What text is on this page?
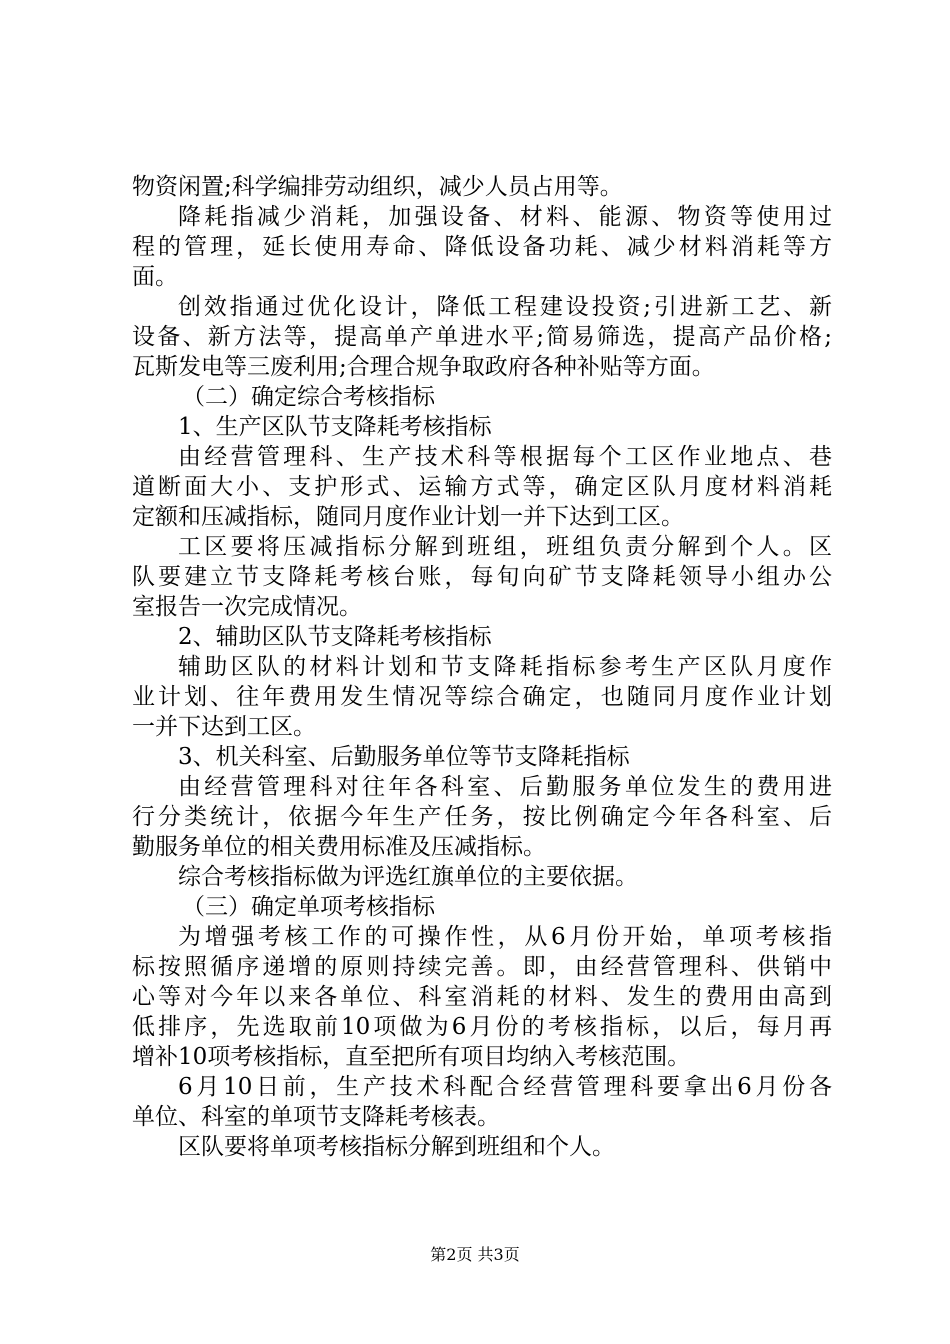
物资闲置;科学编排劳动组织，减少人员占用等。
降耗指减少消耗，加强设备、材料、能源、物资等使用过
程的管理，延长使用寿命、降低设备功耗、减少材料消耗等方
面。
创效指通过优化设计，降低工程建设投资;引进新工艺、新
设备、新方法等，提高单产单进水平;简易筛选，提高产品价格;
瓦斯发电等三废利用;合理合规争取政府各种补贴等方面。
（二）确定综合考核指标
1、生产区队节支降耗考核指标
由经营管理科、生产技术科等根据每个工区作业地点、巷
道断面大小、支护形式、运输方式等，确定区队月度材料消耗
定额和压减指标，随同月度作业计划一并下达到工区。
工区要将压减指标分解到班组，班组负责分解到个人。区
队要建立节支降耗考核台账，每旬向矿节支降耗领导小组办公
室报告一次完成情况。
2、辅助区队节支降耗考核指标
辅助区队的材料计划和节支降耗指标参考生产区队月度作
业计划、往年费用发生情况等综合确定，也随同月度作业计划
一并下达到工区。
3、机关科室、后勤服务单位等节支降耗指标
由经营管理科对往年各科室、后勤服务单位发生的费用进
行分类统计，依据今年生产任务，按比例确定今年各科室、后
勤服务单位的相关费用标准及压减指标。
综合考核指标做为评选红旗单位的主要依据。
（三）确定单项考核指标
为增强考核工作的可操作性，从6月份开始，单项考核指
标按照循序递增的原则持续完善。即，由经营管理科、供销中
心等对今年以来各单位、科室消耗的材料、发生的费用由高到
低排序，先选取前10项做为6月份的考核指标，以后，每月再
增补10项考核指标，直至把所有项目均纳入考核范围。
6月10日前，生产技术科配合经营管理科要拿出6月份各
单位、科室的单项节支降耗考核表。
区队要将单项考核指标分解到班组和个人。
第2页 共3页
